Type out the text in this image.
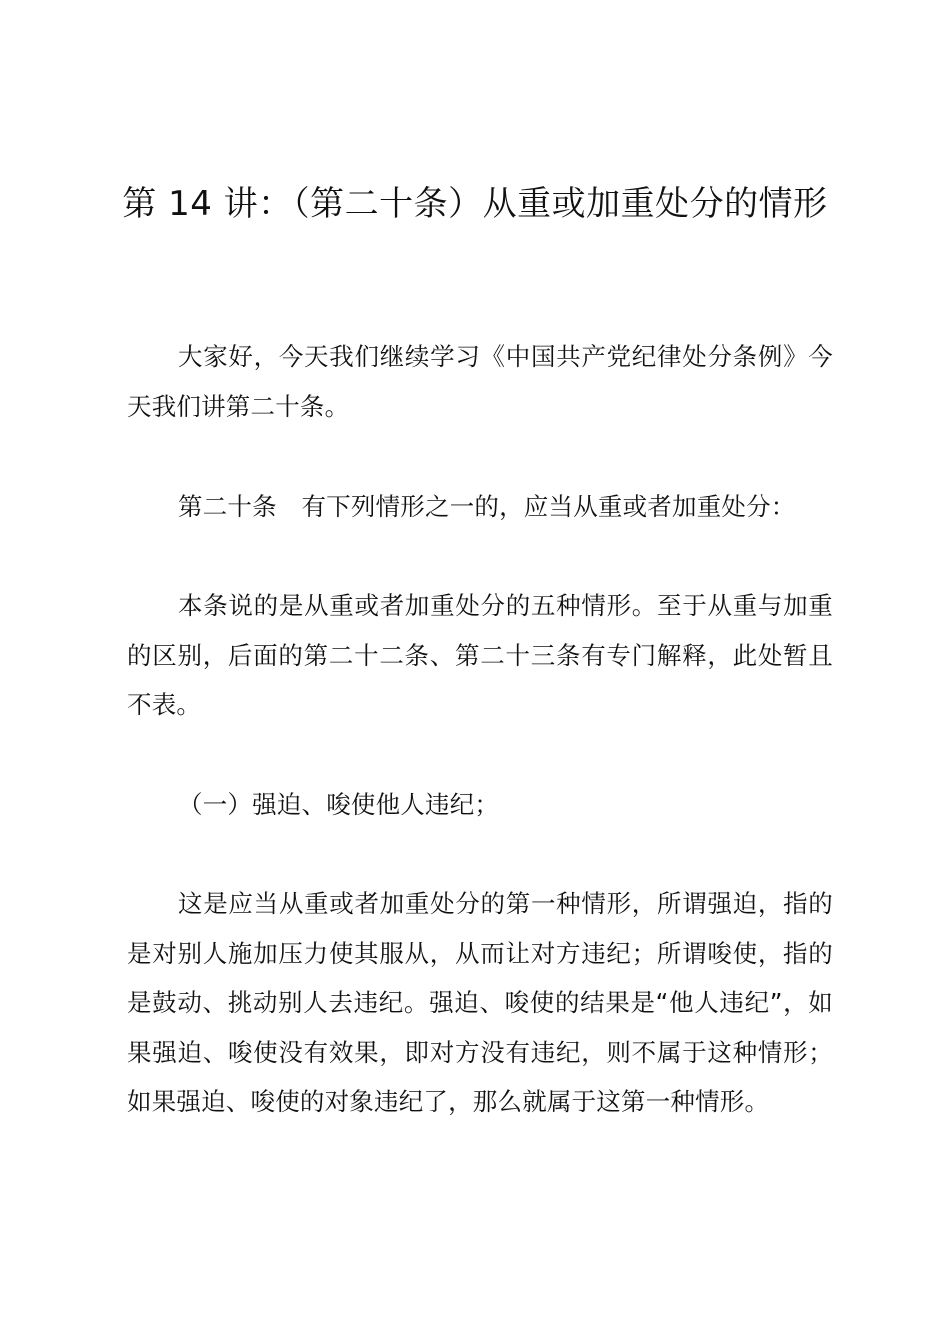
第 14 讲：（第二十条）从重或加重处分的情形

大家好，今天我们继续学习《中国共产党纪律处分条例》今天我们讲第二十条。

第二十条　有下列情形之一的，应当从重或者加重处分：

本条说的是从重或者加重处分的五种情形。至于从重与加重的区别，后面的第二十二条、第二十三条有专门解释，此处暂且不表。

（一）强迫、唆使他人违纪；

这是应当从重或者加重处分的第一种情形，所谓强迫，指的是对别人施加压力使其服从，从而让对方违纪；所谓唆使，指的是鼓动、挑动别人去违纪。强迫、唆使的结果是“他人违纪”，如果强迫、唆使没有效果，即对方没有违纪，则不属于这种情形；如果强迫、唆使的对象违纪了，那么就属于这第一种情形。
